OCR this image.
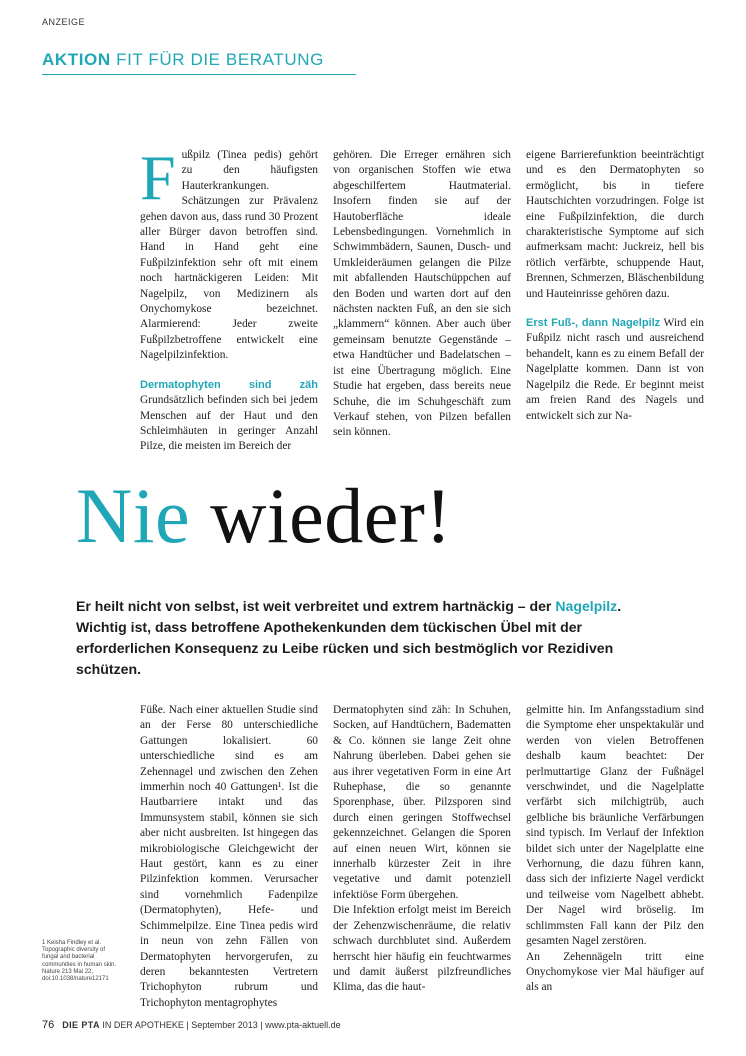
ANZEIGE
AKTION FIT FÜR DIE BERATUNG

Fußpilz (Tinea pedis) gehört zu den häufigsten Hauterkrankungen. Schätzungen zur Prävalenz gehen davon aus, dass rund 30 Prozent aller Bürger davon betroffen sind. Hand in Hand geht eine Fußpilzinfektion sehr oft mit einem noch hartnäckigeren Leiden: Mit Nagelpilz, von Medizinern als Onychomykose bezeichnet. Alarmierend: Jeder zweite Fußpilzbetroffene entwickelt eine Nagelpilzinfektion.

Dermatophyten sind zäh Grundsätzlich befinden sich bei jedem Menschen auf der Haut und den Schleimhäuten in geringer Anzahl Pilze, die meisten im Bereich der

gehören. Die Erreger ernähren sich von organischen Stoffen wie etwa abgeschilfertem Hautmaterial. Insofern finden sie auf der Hautoberfläche ideale Lebensbedingungen. Vornehmlich in Schwimmbädern, Saunen, Dusch- und Umkleideräumen gelangen die Pilze mit abfallenden Hautschüppchen auf den Boden und warten dort auf den nächsten nackten Fuß, an den sie sich „klammern“ können. Aber auch über gemeinsam benutzte Gegenstände – etwa Handtücher und Badelatschen – ist eine Übertragung möglich. Eine Studie hat ergeben, dass bereits neue Schuhe, die im Schuhgeschäft zum Verkauf stehen, von Pilzen befallen sein können.

eigene Barrierefunktion beeinträchtigt und es den Dermatophyten so ermöglicht, bis in tiefere Hautschichten vorzudringen. Folge ist eine Fußpilzinfektion, die durch charakteristische Symptome auf sich aufmerksam macht: Juckreiz, hell bis rötlich verfärbte, schuppende Haut, Brennen, Schmerzen, Bläschenbildung und Hauteinrisse gehören dazu.

Erst Fuß-, dann Nagelpilz Wird ein Fußpilz nicht rasch und ausreichend behandelt, kann es zu einem Befall der Nagelplatte kommen. Dann ist von Nagelpilz die Rede. Er beginnt meist am freien Rand des Nagels und entwickelt sich zur Na-

Nie wieder!
Er heilt nicht von selbst, ist weit verbreitet und extrem hartnäckig – der Nagelpilz. Wichtig ist, dass betroffene Apothekenkunden dem tückischen Übel mit der erforderlichen Konsequenz zu Leibe rücken und sich bestmöglich vor Rezidiven schützen.

Füße. Nach einer aktuellen Studie sind an der Ferse 80 unterschiedliche Gattungen lokalisiert. 60 unterschiedliche sind es am Zehennagel und zwischen den Zehen immerhin noch 40 Gattungen¹. Ist die Hautbarriere intakt und das Immunsystem stabil, können sie sich aber nicht ausbreiten. Ist hingegen das mikrobiologische Gleichgewicht der Haut gestört, kann es zu einer Pilzinfektion kommen. Verursacher sind vornehmlich Fadenpilze (Dermatophyten), Hefe- und Schimmelpilze. Eine Tinea pedis wird in neun von zehn Fällen von Dermatophyten hervorgerufen, zu deren bekanntesten Vertretern Trichophyton rubrum und Trichophyton mentagrophytes

Dermatophyten sind zäh: In Schuhen, Socken, auf Handtüchern, Badematten & Co. können sie lange Zeit ohne Nahrung überleben. Dabei gehen sie aus ihrer vegetativen Form in eine Art Ruhephase, die so genannte Sporenphase, über. Pilzsporen sind durch einen geringen Stoffwechsel gekennzeichnet. Gelangen die Sporen auf einen neuen Wirt, können sie innerhalb kürzester Zeit in ihre vegetative und damit potenziell infektiöse Form übergehen.

Die Infektion erfolgt meist im Bereich der Zehenzwischenräume, die relativ schwach durchblutet sind. Außerdem herrscht hier häufig ein feuchtwarmes und damit äußerst pilzfreundliches Klima, das die haut-

gelmitte hin. Im Anfangsstadium sind die Symptome eher unspektakulär und werden von vielen Betroffenen deshalb kaum beachtet: Der perlmuttartige Glanz der Fußnägel verschwindet, und die Nagelplatte verfärbt sich milchigtrüb, auch gelbliche bis bräunliche Verfärbungen sind typisch. Im Verlauf der Infektion bildet sich unter der Nagelplatte eine Verhornung, die dazu führen kann, dass sich der infizierte Nagel verdickt und teilweise vom Nagelbett abhebt. Der Nagel wird bröselig. Im schlimmsten Fall kann der Pilz den gesamten Nagel zerstören.

An Zehennägeln tritt eine Onychomykose vier Mal häufiger auf als an

1 Keisha Findley et al. Topographic diversity of fungal and bacterial communities in human skin. Nature 213 Mai 22, doi:10.1038/nature12171
76 DIE PTA IN DER APOTHEKE | September 2013 | www.pta-aktuell.de
